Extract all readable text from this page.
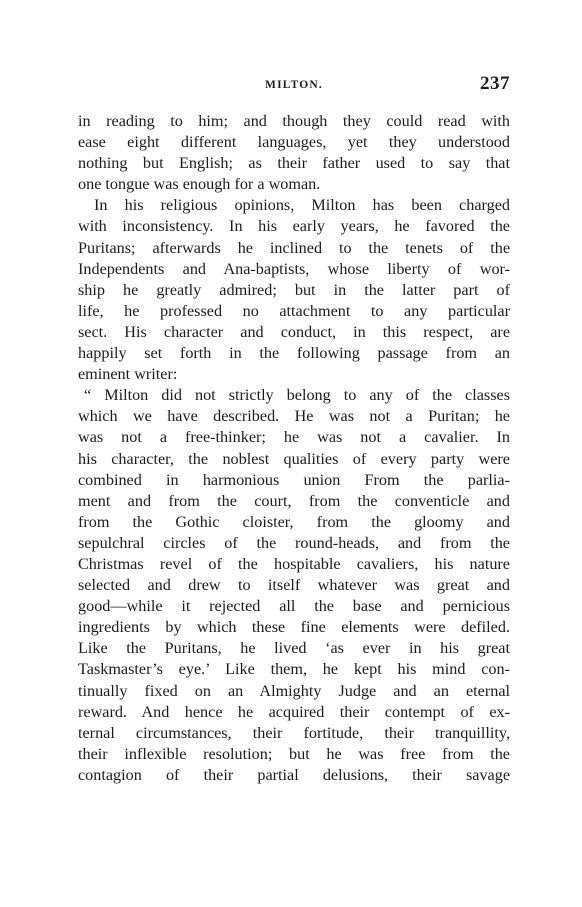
MILTON.	237
in reading to him; and though they could read with
ease eight different languages, yet they understood
nothing but English; as their father used to say that
one tongue was enough for a woman.
In his religious opinions, Milton has been charged
with inconsistency. In his early years, he favored the
Puritans; afterwards he inclined to the tenets of the
Independents and Ana-baptists, whose liberty of wor-
ship he greatly admired; but in the latter part of
life, he professed no attachment to any particular
sect. His character and conduct, in this respect, are
happily set forth in the following passage from an
eminent writer:
“ Milton did not strictly belong to any of the classes
which we have described. He was not a Puritan; he
was not a free-thinker; he was not a cavalier. In
his character, the noblest qualities of every party were
combined in harmonious union From the parlia-
ment and from the court, from the conventicle and
from the Gothic cloister, from the gloomy and
sepulchral circles of the round-heads, and from the
Christmas revel of the hospitable cavaliers, his nature
selected and drew to itself whatever was great and
good—while it rejected all the base and pernicious
ingredients by which these fine elements were defiled.
Like the Puritans, he lived ‘as ever in his great
Taskmaster’s eye.’ Like them, he kept his mind con-
tinually fixed on an Almighty Judge and an eternal
reward. And hence he acquired their contempt of ex-
ternal circumstances, their fortitude, their tranquillity,
their inflexible resolution; but he was free from the
contagion of their partial delusions, their savage
